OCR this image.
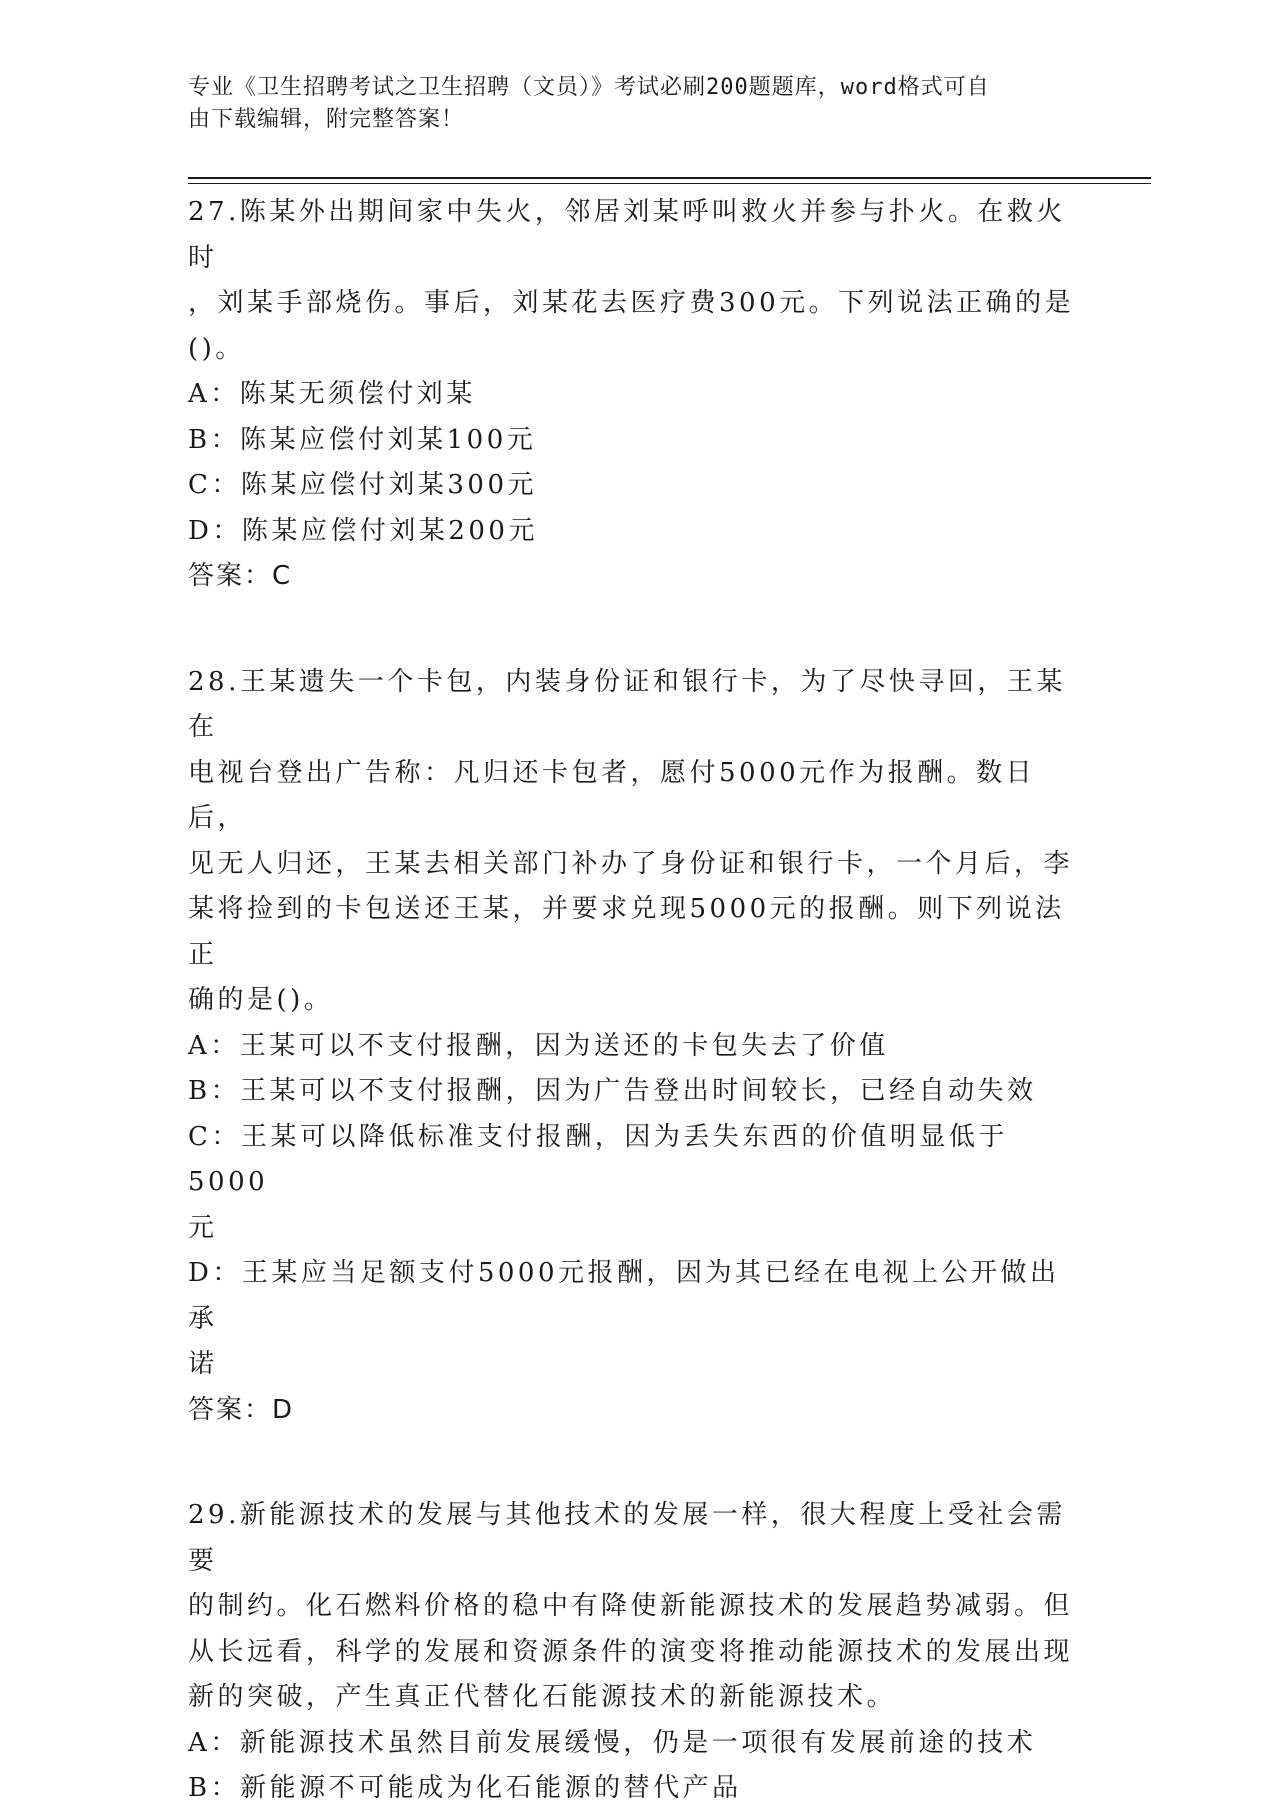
专业《卫生招聘考试之卫生招聘（文员）》考试必刷200题题库，word格式可自
由下载编辑，附完整答案！
27.陈某外出期间家中失火，邻居刘某呼叫救火并参与扑火。在救火时
，刘某手部烧伤。事后，刘某花去医疗费300元。下列说法正确的是
()。
A：陈某无须偿付刘某
B：陈某应偿付刘某100元
C：陈某应偿付刘某300元
D：陈某应偿付刘某200元
答案：C
28.王某遗失一个卡包，内装身份证和银行卡，为了尽快寻回，王某在
电视台登出广告称：凡归还卡包者，愿付5000元作为报酬。数日后，
见无人归还，王某去相关部门补办了身份证和银行卡，一个月后，李
某将捡到的卡包送还王某，并要求兑现5000元的报酬。则下列说法正
确的是()。
A：王某可以不支付报酬，因为送还的卡包失去了价值
B：王某可以不支付报酬，因为广告登出时间较长，已经自动失效
C：王某可以降低标准支付报酬，因为丢失东西的价值明显低于5000
元
D：王某应当足额支付5000元报酬，因为其已经在电视上公开做出承
诺
答案：D
29.新能源技术的发展与其他技术的发展一样，很大程度上受社会需要
的制约。化石燃料价格的稳中有降使新能源技术的发展趋势减弱。但
从长远看，科学的发展和资源条件的演变将推动能源技术的发展出现
新的突破，产生真正代替化石能源技术的新能源技术。
A：新能源技术虽然目前发展缓慢，仍是一项很有发展前途的技术
B：新能源不可能成为化石能源的替代产品
